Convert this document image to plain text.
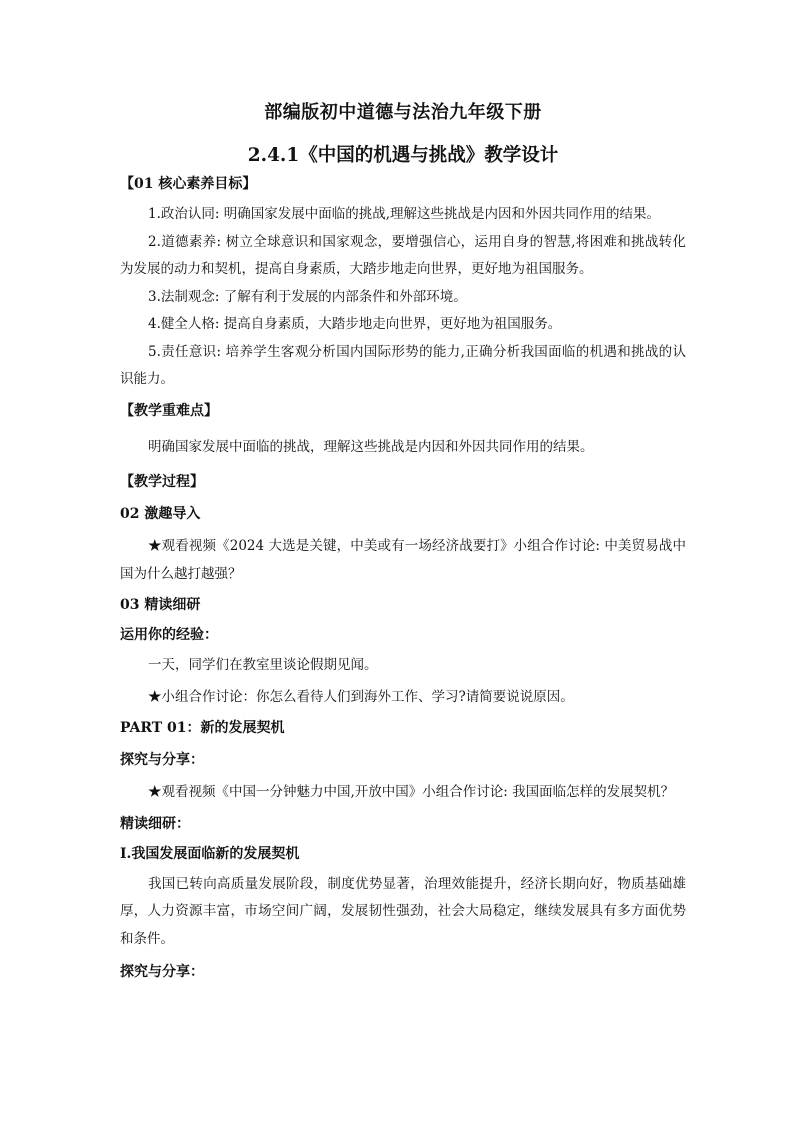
部编版初中道德与法治九年级下册

2.4.1《中国的机遇与挑战》教学设计

【01 核心素养目标】

1.政治认同: 明确国家发展中面临的挑战,理解这些挑战是内因和外因共同作用的结果。

2.道德素养: 树立全球意识和国家观念，要增强信心，运用自身的智慧,将困难和挑战转化为发展的动力和契机，提高自身素质，大踏步地走向世界，更好地为祖国服务。

3.法制观念: 了解有利于发展的内部条件和外部环境。

4.健全人格: 提高自身素质，大踏步地走向世界，更好地为祖国服务。

5.责任意识: 培养学生客观分析国内国际形势的能力,正确分析我国面临的机遇和挑战的认识能力。

【教学重难点】

明确国家发展中面临的挑战，理解这些挑战是内因和外因共同作用的结果。

【教学过程】

02 激趣导入

★观看视频《2024 大选是关键，中美或有一场经济战要打》小组合作讨论: 中美贸易战中国为什么越打越强？

03 精读细研

运用你的经验：

一天，同学们在教室里谈论假期见闻。

★小组合作讨论：你怎么看待人们到海外工作、学习?请简要说说原因。

PART 01：新的发展契机

探究与分享：

★观看视频《中国一分钟魅力中国,开放中国》小组合作讨论: 我国面临怎样的发展契机？

精读细研：

Ⅰ.我国发展面临新的发展契机

我国已转向高质量发展阶段，制度优势显著，治理效能提升，经济长期向好，物质基础雄厚，人力资源丰富，市场空间广阔，发展韧性强劲，社会大局稳定，继续发展具有多方面优势和条件。

探究与分享：
